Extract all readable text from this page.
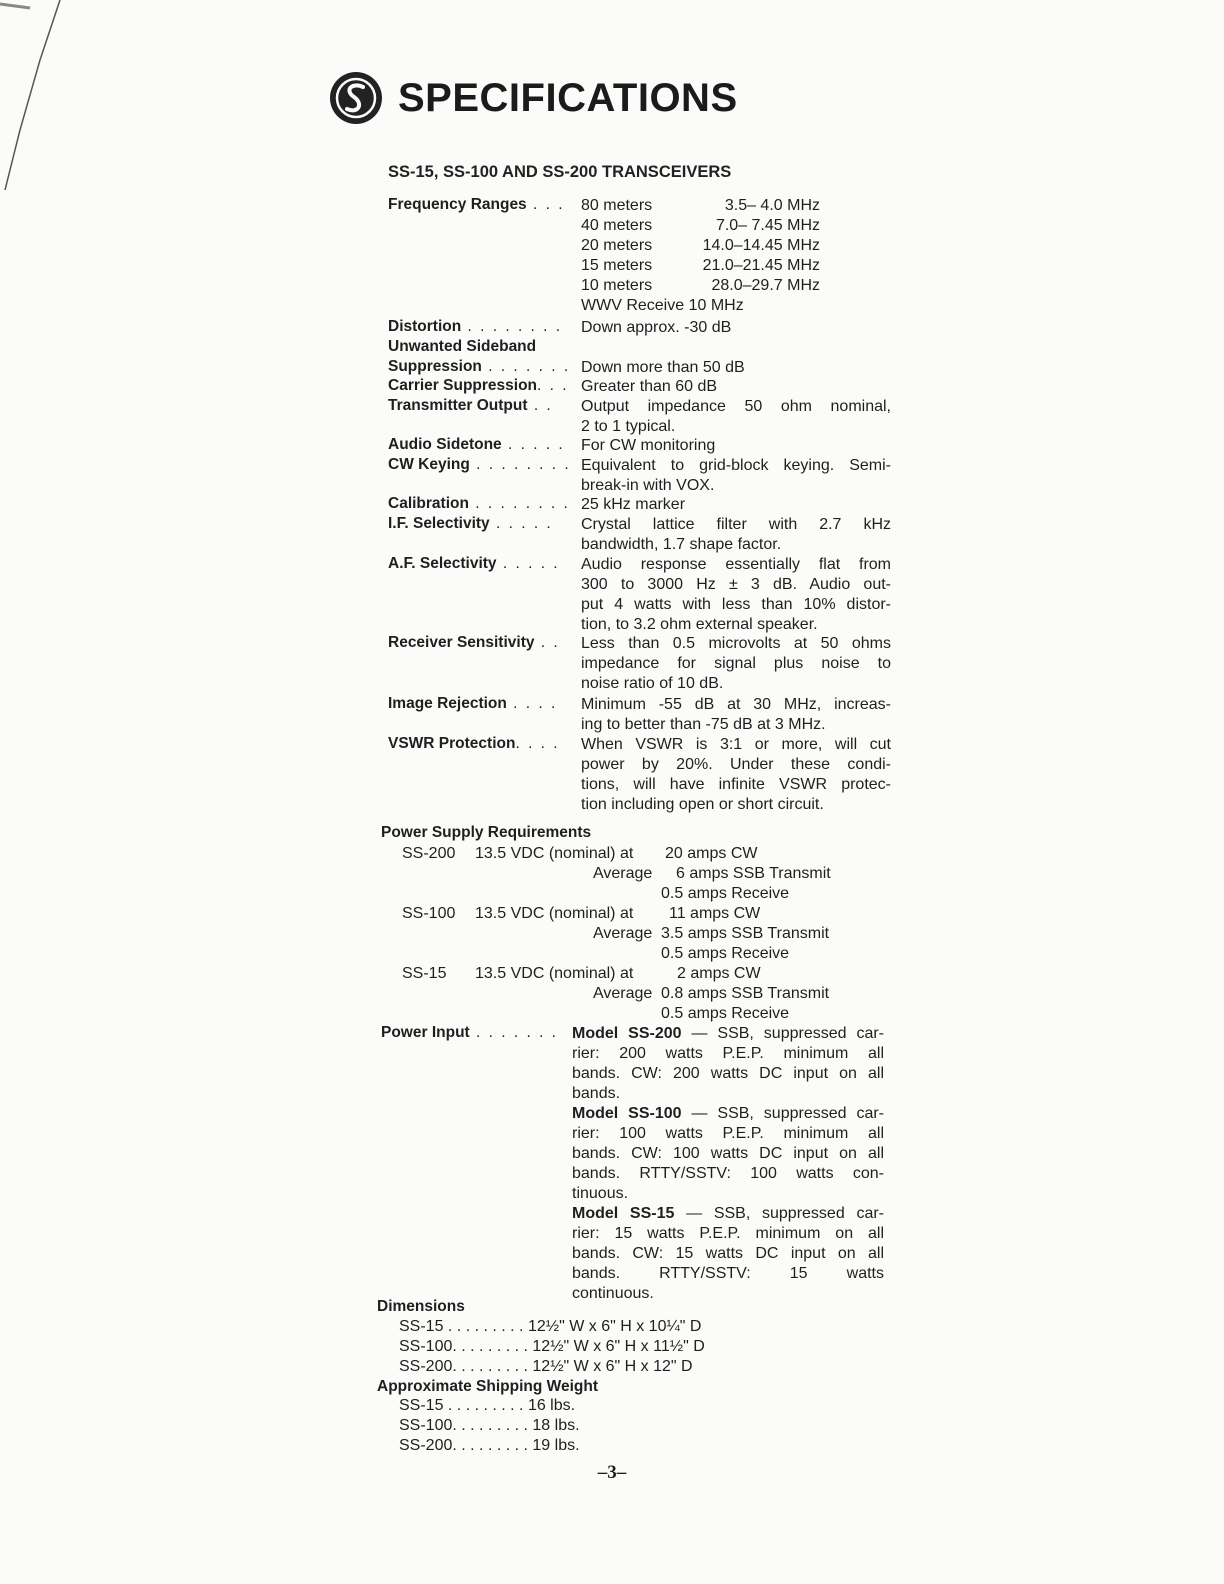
SPECIFICATIONS
SS-15, SS-100 AND SS-200 TRANSCEIVERS
Frequency Ranges . . . 80 meters	3.5– 4.0 MHz
40 meters	7.0– 7.45 MHz
20 meters	14.0–14.45 MHz
15 meters	21.0–21.45 MHz
10 meters	28.0–29.7 MHz
WWV Receive 10 MHz
Distortion . . . . . . . . Down approx. -30 dB
Unwanted Sideband
Suppression . . . . . . . Down more than 50 dB
Carrier Suppression. . . Greater than 60 dB
Transmitter Output . . Output impedance 50 ohm nominal,
2 to 1 typical.
Audio Sidetone . . . . . For CW monitoring
CW Keying . . . . . . . . Equivalent to grid-block keying. Semi-
break-in with VOX.
Calibration . . . . . . . . 25 kHz marker
I.F. Selectivity . . . . . Crystal lattice filter with 2.7 kHz
bandwidth, 1.7 shape factor.
A.F. Selectivity . . . . . Audio response essentially flat from
300 to 3000 Hz ± 3 dB. Audio out-
put 4 watts with less than 10% distor-
tion, to 3.2 ohm external speaker.
Receiver Sensitivity . . Less than 0.5 microvolts at 50 ohms
impedance for signal plus noise to
noise ratio of 10 dB.
Image Rejection . . . . Minimum -55 dB at 30 MHz, increas-
ing to better than -75 dB at 3 MHz.
VSWR Protection. . . . When VSWR is 3:1 or more, will cut
power by 20%. Under these condi-
tions, will have infinite VSWR protec-
tion including open or short circuit.
Power Supply Requirements
SS-200 13.5 VDC (nominal) at 20 amps CW
Average 6 amps SSB Transmit
0.5 amps Receive
SS-100 13.5 VDC (nominal) at 11 amps CW
Average 3.5 amps SSB Transmit
0.5 amps Receive
SS-15 13.5 VDC (nominal) at	2 amps CW
Average 0.8 amps SSB Transmit
0.5 amps Receive
Power Input . . . . . . . Model SS-200 — SSB, suppressed car-
rier: 200 watts P.E.P. minimum all
bands. CW: 200 watts DC input on all
bands.
Model SS-100 — SSB, suppressed car-
rier: 100 watts P.E.P. minimum all
bands. CW: 100 watts DC input on all
bands. RTTY/SSTV: 100 watts con-
tinuous.
Model SS-15 — SSB, suppressed car-
rier: 15 watts P.E.P. minimum on all
bands. CW: 15 watts DC input on all
bands. RTTY/SSTV: 15 watts
continuous.
Dimensions
SS-15 . . . . . . . . . 12½" W x 6" H x 10¼" D
SS-100. . . . . . . . . 12½" W x 6" H x 11½" D
SS-200. . . . . . . . . 12½" W x 6" H x 12" D
Approximate Shipping Weight
SS-15 . . . . . . . . . 16 lbs.
SS-100. . . . . . . . . 18 lbs.
SS-200. . . . . . . . . 19 lbs.
–3–
